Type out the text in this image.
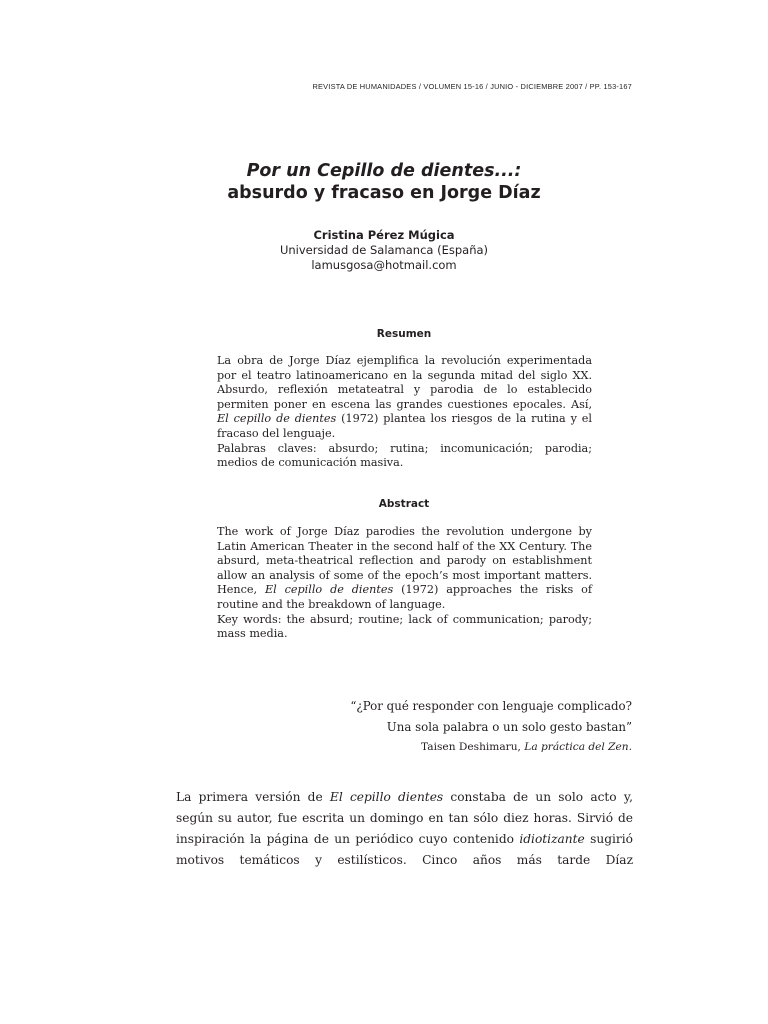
REVISTA DE HUMANIDADES / VOLUMEN 15-16 / JUNIO - DICIEMBRE 2007 / PP. 153-167
Por un Cepillo de dientes...:
absurdo y fracaso en Jorge Díaz
Cristina Pérez Múgica
Universidad de Salamanca (España)
lamusgosa@hotmail.com
Resumen

La obra de Jorge Díaz ejemplifica la revolución experimentada por el teatro latinoamericano en la segunda mitad del siglo XX. Absurdo, reflexión metateatral y parodia de lo establecido permiten poner en escena las grandes cuestiones epocales. Así, El cepillo de dientes (1972) plantea los riesgos de la rutina y el fracaso del lenguaje.

Palabras claves: absurdo; rutina; incomunicación; parodia; medios de comunicación masiva.

Abstract

The work of Jorge Díaz parodies the revolution undergone by Latin American Theater in the second half of the XX Century. The absurd, meta-theatrical reflection and parody on establishment allow an analysis of some of the epoch’s most important matters. Hence, El cepillo de dientes (1972) approaches the risks of routine and the breakdown of language.

Key words: the absurd; routine; lack of communication; parody; mass media.

“¿Por qué responder con lenguaje complicado?
Una sola palabra o un solo gesto bastan”
Taisen Deshimaru, La práctica del Zen.

La primera versión de El cepillo dientes constaba de un solo acto y, según su autor, fue escrita un domingo en tan sólo diez horas. Sirvió de inspiración la página de un periódico cuyo contenido idiotizante sugirió motivos temáticos y estilísticos. Cinco años más tarde Díaz
